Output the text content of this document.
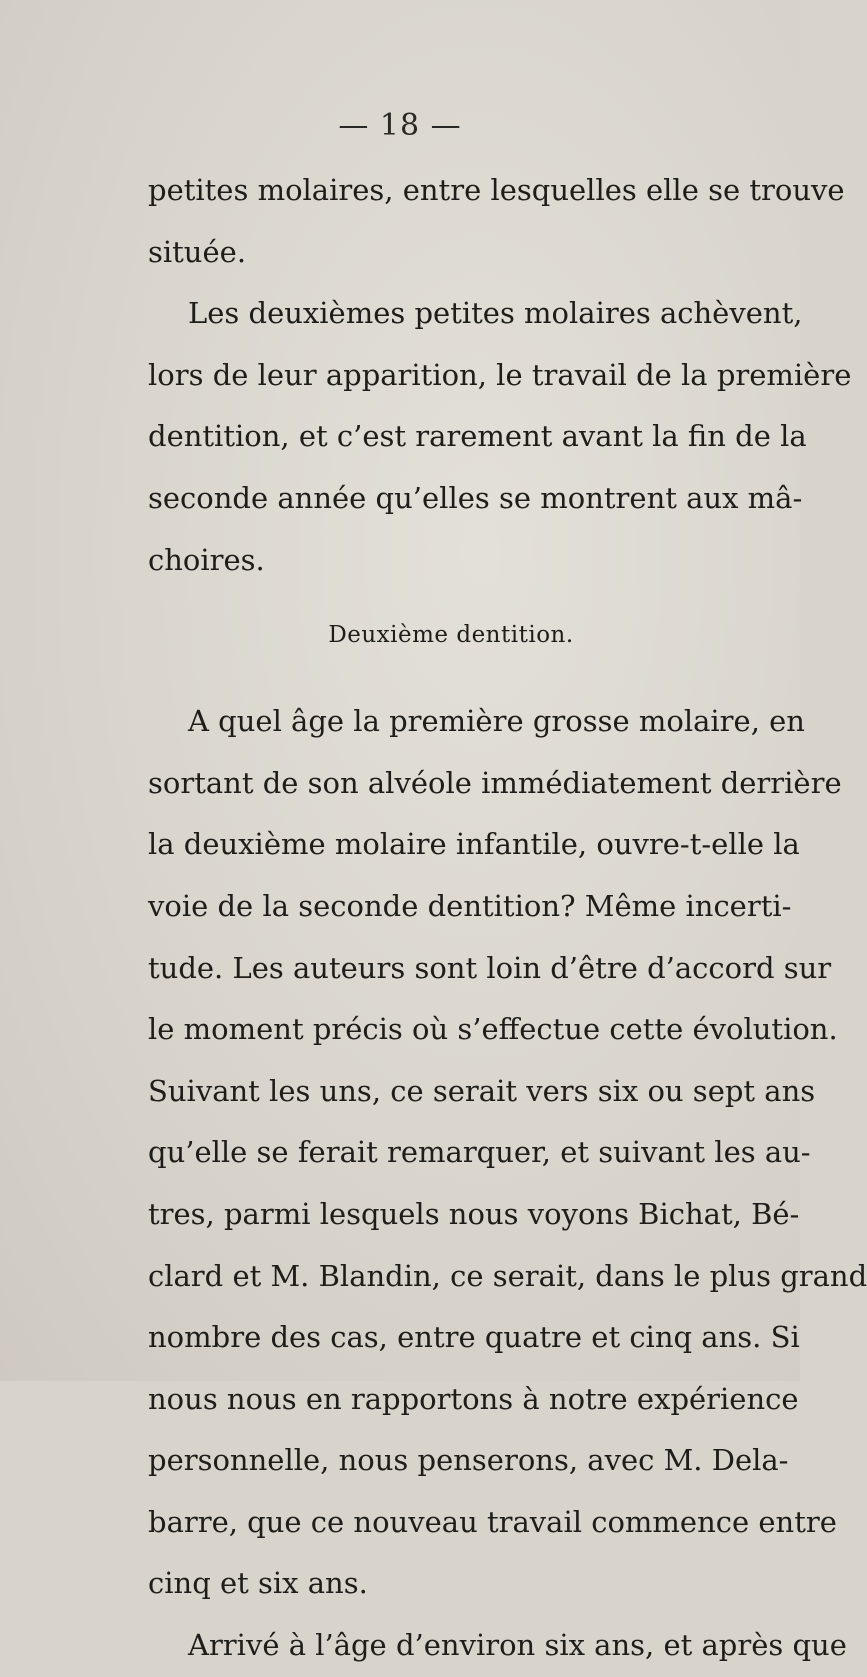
— 18 —
petites molaires, entre lesquelles elle se trouve
située.
Les deuxièmes petites molaires achèvent,
lors de leur apparition, le travail de la première
dentition, et c’est rarement avant la fin de la
seconde année qu’elles se montrent aux mâ-
choires.
Deuxième dentition.
A quel âge la première grosse molaire, en
sortant de son alvéole immédiatement derrière
la deuxième molaire infantile, ouvre-t-elle la
voie de la seconde dentition? Même incerti-
tude. Les auteurs sont loin d’être d’accord sur
le moment précis où s’effectue cette évolution.
Suivant les uns, ce serait vers six ou sept ans
qu’elle se ferait remarquer, et suivant les au-
tres, parmi lesquels nous voyons Bichat, Bé-
clard et M. Blandin, ce serait, dans le plus grand
nombre des cas, entre quatre et cinq ans. Si
nous nous en rapportons à notre expérience
personnelle, nous penserons, avec M. Dela-
barre, que ce nouveau travail commence entre
cinq et six ans.
Arrivé à l’âge d’environ six ans, et après que
